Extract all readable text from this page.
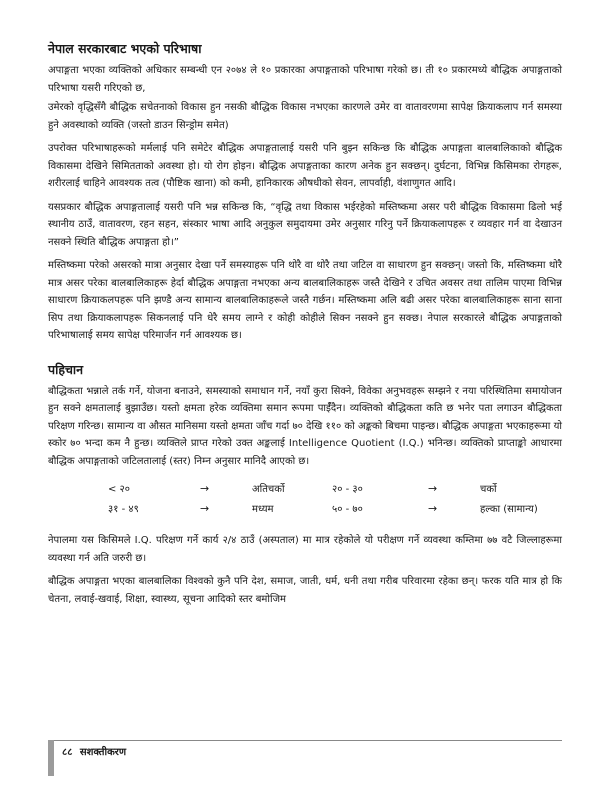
नेपाल सरकारबाट भएको परिभाषा

अपाङ्गता भएका व्यक्तिको अधिकार सम्बन्धी एन २०७४ ले १० प्रकारका अपाङ्गताको परिभाषा गरेको छ। ती १० प्रकारमध्ये बौद्धिक अपाङ्गताको परिभाषा यसरी गरिएको छ,

उमेरको वृद्धिसँगै बौद्धिक सचेतनाको विकास हुन नसकी बौद्धिक विकास नभएका कारणले उमेर वा वातावरणमा सापेक्ष क्रियाकलाप गर्न समस्या हुने अवस्थाको व्यक्ति (जस्तो डाउन सिन्ड्रोम समेत)

उपरोक्त परिभाषाहरूको मर्मलाई पनि समेटेर बौद्धिक अपाङ्गतालाई यसरी पनि बुझ्न सकिन्छ कि बौद्धिक अपाङ्गता बालबालिकाको बौद्धिक विकासमा देखिने सिमितताको अवस्था हो। यो रोग होइन। बौद्धिक अपाङ्गताका कारण अनेक हुन सक्छन्। दुर्घटना, विभिन्न किसिमका रोगहरू, शरीरलाई चाहिने आवश्यक तत्व (पौष्टिक खाना) को कमी, हानिकारक औषधीको सेवन, लापर्वाही, वंशाणुगत आदि।

यसप्रकार बौद्धिक अपाङ्गतालाई यसरी पनि भन्न सकिन्छ कि, “वृद्धि तथा विकास भईरहेको मस्तिष्कमा असर परी बौद्धिक विकासमा ढिलो भई स्थानीय ठाउँ, वातावरण, रहन सहन, संस्कार भाषा आदि अनुकुल समुदायमा उमेर अनुसार गरिनु पर्ने क्रियाकलापहरू र व्यवहार गर्न वा देखाउन नसक्ने स्थिति बौद्धिक अपाङ्गता हो।”

मस्तिष्कमा परेको असरको मात्रा अनुसार देखा पर्ने समस्याहरू पनि थोरै वा थोरै तथा जटिल वा साधारण हुन सक्छन्। जस्तो कि, मस्तिष्कमा थोरै मात्र असर परेका बालबालिकाहरू हेर्दा बौद्धिक अपाङ्गता नभएका अन्य बालबालिकाहरू जस्तै देखिने र उचित अवसर तथा तालिम पाएमा विभिन्न साधारण क्रियाकलपहरू पनि झण्डै अन्य सामान्य बालबालिकाहरूले जस्तै गर्छन। मस्तिष्कमा अलि बढी असर परेका बालबालिकाहरू साना साना सिप तथा क्रियाकलापहरू सिकनलाई पनि धेरै समय लाग्ने र कोही कोहीले सिक्न नसक्ने हुन सक्छ। नेपाल सरकारले बौद्धिक अपाङ्गताको परिभाषालाई समय सापेक्ष परिमार्जन गर्न आवश्यक छ।

पहिचान

बौद्धिकता भन्नाले तर्क गर्ने, योजना बनाउने, समस्याको समाधान गर्ने, नयाँ कुरा सिक्ने, विवेका अनुभवहरू सम्झने र नया परिस्थितिमा समायोजन हुन सक्ने क्षमतालाई बुझाउँछ। यस्तो क्षमता हरेक व्यक्तिमा समान रूपमा पाईँदैन। व्यक्तिको बौद्धिकता कति छ भनेर पता लगाउन बौद्धिकता परिक्षण गरिन्छ। सामान्य वा औसत मानिसमा यस्तो क्षमता जाँच गर्दा ७० देखि ११० को अङ्कको बिचमा पाइन्छ। बौद्धिक अपाङ्गता भएकाहरूमा यो स्कोर ७० भन्दा कम नै हुन्छ। व्यक्तिले प्राप्त गरेको उक्त अङ्कलाई Intelligence Quotient (I.Q.) भनिन्छ। व्यक्तिको प्राप्ताङ्को आधारमा बौद्धिक अपाङ्गताको जटिलतालाई (स्तर) निम्न अनुसार मानिदै आएको छ।

< २०	→	अतिचर्को	२० - ३०	→	चर्को
३१ - ४९	→	मध्यम	५० - ७०	→	हल्का (सामान्य)

नेपालमा यस किसिमले I.Q. परिक्षण गर्ने कार्य २/४ ठाउँ (अस्पताल) मा मात्र रहेकोले यो परीक्षण गर्ने व्यवस्था कम्तिमा ७७ वटै जिल्लाहरूमा व्यवस्था गर्न अति जरुरी छ।

बौद्धिक अपाङ्गता भएका बालबालिका विश्वको कुनै पनि देश, समाज, जाती, धर्म, धनी तथा गरीब परिवारमा रहेका छन्। फरक यति मात्र हो कि चेतना, लवाई-खवाई, शिक्षा, स्वास्थ्य, सूचना आदिको स्तर बमोजिम

८८ सशक्तीकरण
